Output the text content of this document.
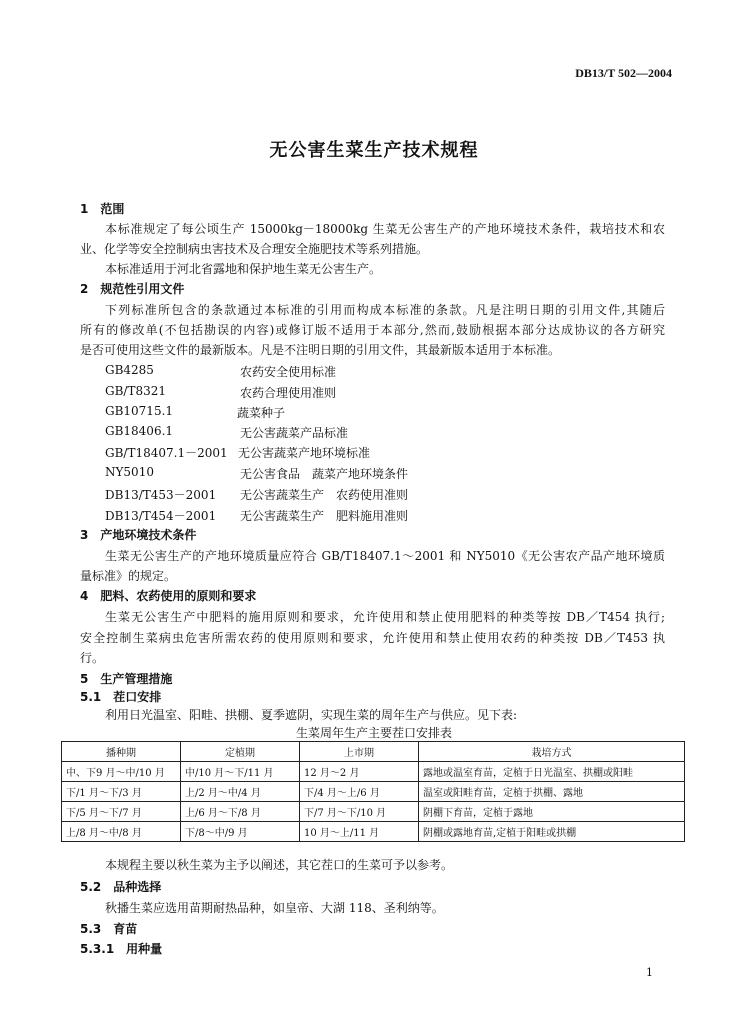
DB13/T 502—2004
无公害生菜生产技术规程
1　范围
本标准规定了每公顷生产 15000kg－18000kg 生菜无公害生产的产地环境技术条件，栽培技术和农
业、化学等安全控制病虫害技术及合理安全施肥技术等系列措施。
本标准适用于河北省露地和保护地生菜无公害生产。
2　规范性引用文件
下列标准所包含的条款通过本标准的引用而构成本标准的条款。凡是注明日期的引用文件,其随后
所有的修改单(不包括勘误的内容)或修订版不适用于本部分,然而,鼓励根据本部分达成协议的各方研究
是否可使用这些文件的最新版本。凡是不注明日期的引用文件，其最新版本适用于本标准。
GB4285	农药安全使用标准
GB/T8321	农药合理使用准则
GB10715.1	蔬菜种子
GB18406.1	无公害蔬菜产品标准
GB/T18407.1－2001 无公害蔬菜产地环境标准
NY5010	无公害食品　蔬菜产地环境条件
DB13/T453－2001 无公害蔬菜生产　农药使用准则
DB13/T454－2001 无公害蔬菜生产　肥料施用准则
3　产地环境技术条件
生菜无公害生产的产地环境质量应符合 GB/T18407.1～2001 和 NY5010《无公害农产品产地环境质
量标准》的规定。
4　肥料、农药使用的原则和要求
生菜无公害生产中肥料的施用原则和要求，允许使用和禁止使用肥料的种类等按 DB／T454 执行;
安全控制生菜病虫危害所需农药的使用原则和要求，允许使用和禁止使用农药的种类按 DB／T453 执
行。
5　生产管理措施
5.1　茬口安排
利用日光温室、阳畦、拱棚、夏季遮阴，实现生菜的周年生产与供应。见下表:
生菜周年生产主要茬口安排表
播种期	定植期	上市期	栽培方式
中、下9 月～中/10 月	中/10 月～下/11 月	12 月～2 月	露地或温室育苗，定植于日光温室、拱棚或阳畦
下/1 月～下/3 月	上/2 月～中/4 月	下/4 月～上/6 月	温室或阳畦育苗，定植于拱棚、露地
下/5 月～下/7 月	上/6 月～下/8 月	下/7 月～下/10 月	阴棚下育苗，定植于露地
上/8 月～中/8 月	下/8～中/9 月	10 月～上/11 月	阴棚或露地育苗,定植于阳畦或拱棚
本规程主要以秋生菜为主予以阐述，其它茬口的生菜可予以参考。
5.2　品种选择
秋播生菜应选用苗期耐热品种，如皇帝、大湖 118、圣利纳等。
5.3　育苗
5.3.1　用种量
1
